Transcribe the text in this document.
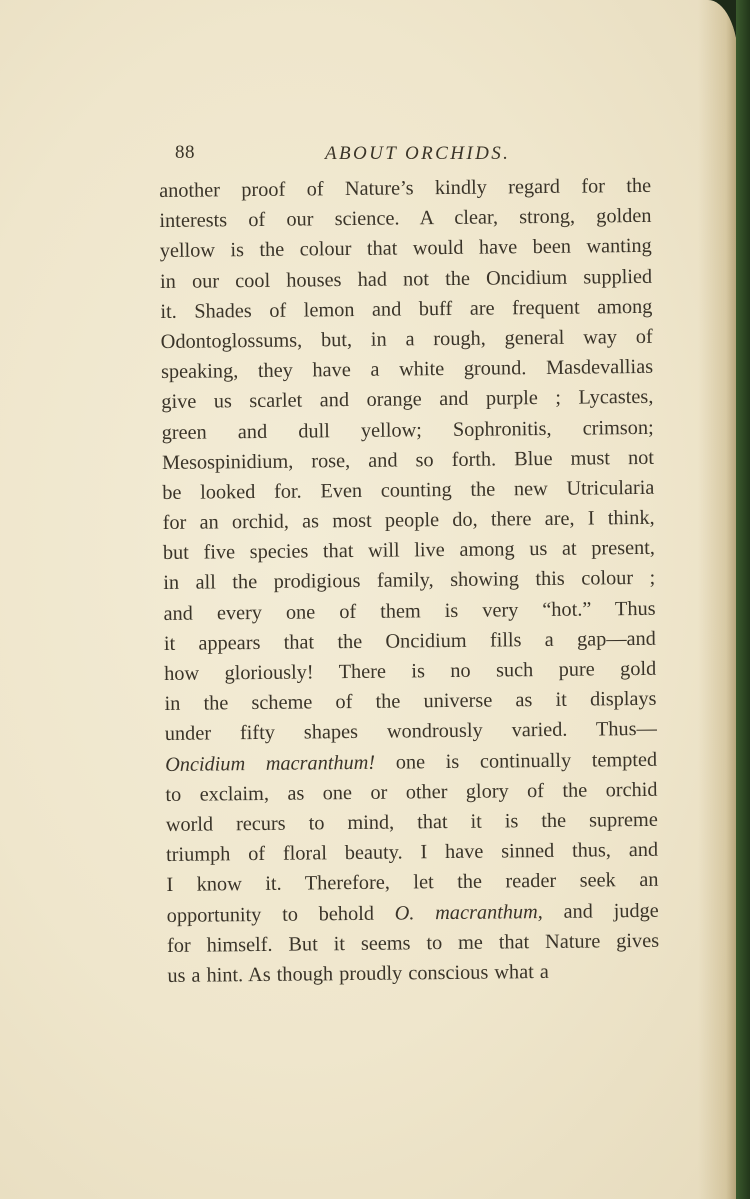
88	ABOUT ORCHIDS.
another proof of Nature’s kindly regard for the
interests of our science. A clear, strong, golden
yellow is the colour that would have been wanting
in our cool houses had not the Oncidium supplied
it. Shades of lemon and buff are frequent among
Odontoglossums, but, in a rough, general way of
speaking, they have a white ground. Masdevallias
give us scarlet and orange and purple ; Lycastes,
green and dull yellow; Sophronitis, crimson;
Mesospinidium, rose, and so forth. Blue must not
be looked for. Even counting the new Utricularia
for an orchid, as most people do, there are, I think,
but five species that will live among us at present,
in all the prodigious family, showing this colour ;
and every one of them is very “hot.” Thus
it appears that the Oncidium fills a gap—and
how gloriously! There is no such pure gold
in the scheme of the universe as it displays
under fifty shapes wondrously varied. Thus—
Oncidium macranthum! one is continually tempted
to exclaim, as one or other glory of the orchid
world recurs to mind, that it is the supreme
triumph of floral beauty. I have sinned thus, and
I know it. Therefore, let the reader seek an
opportunity to behold O. macranthum, and judge
for himself. But it seems to me that Nature gives
us a hint. As though proudly conscious what a
